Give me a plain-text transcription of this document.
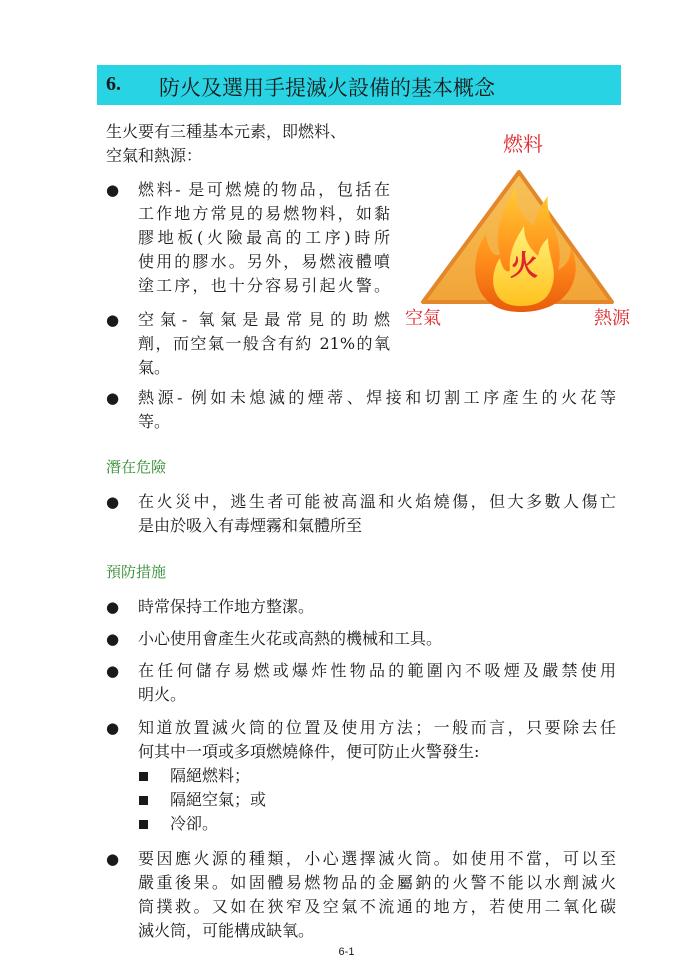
6. 防火及選用手提滅火設備的基本概念
生火要有三種基本元素，即燃料、
空氣和熱源：
● 燃料- 是可燃燒的物品，包括在
工作地方常見的易燃物料，如黏
膠地板(火險最高的工序)時所
使用的膠水。另外，易燃液體噴
塗工序，也十分容易引起火警。
● 空氣- 氧氣是最常見的助燃
劑，而空氣一般含有約 21%的氧
氣。
● 熱源- 例如未熄滅的煙蒂、焊接和切割工序產生的火花等
等。
燃料
火
空氣	熱源
潛在危險
● 在火災中，逃生者可能被高溫和火焰燒傷，但大多數人傷亡
是由於吸入有毒煙霧和氣體所至
預防措施
● 時常保持工作地方整潔。
● 小心使用會產生火花或高熱的機械和工具。
● 在任何儲存易燃或爆炸性物品的範圍內不吸煙及嚴禁使用
明火。
● 知道放置滅火筒的位置及使用方法；一般而言，只要除去任
何其中一項或多項燃燒條件，便可防止火警發生:
隔絕燃料；
隔絕空氣；或
冷卻。
● 要因應火源的種類，小心選擇滅火筒。如使用不當，可以至
嚴重後果。如固體易燃物品的金屬鈉的火警不能以水劑滅火
筒撲救。又如在狹窄及空氣不流通的地方，若使用二氧化碳
滅火筒，可能構成缺氧。
6-1
